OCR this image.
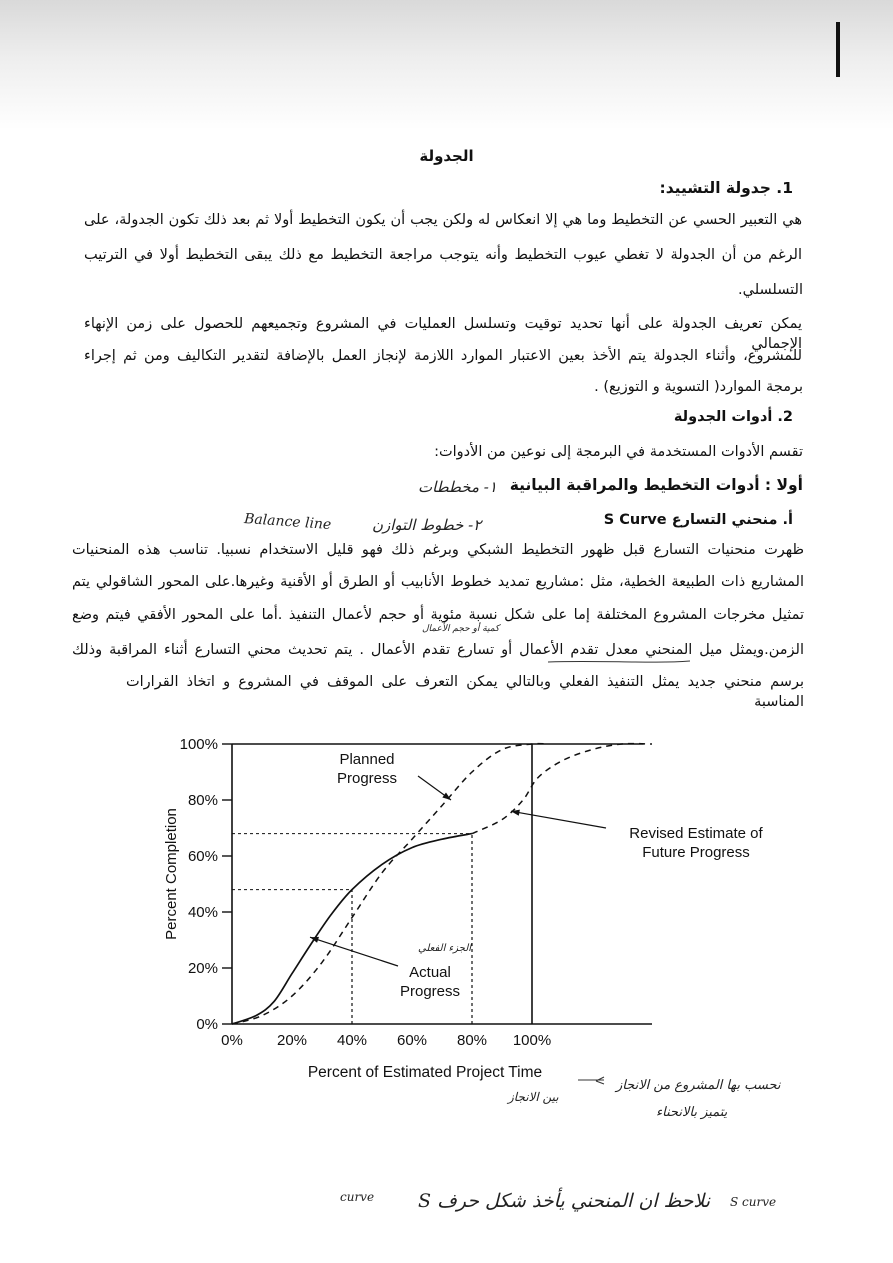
الجدولة
1. جدولة التشييد:
هي التعبير الحسي عن التخطيط وما هي إلا انعكاس له ولكن يجب أن يكون التخطيط أولا ثم بعد ذلك تكون الجدولة، على
الرغم من أن الجدولة لا تغطي عيوب التخطيط وأنه يتوجب مراجعة التخطيط مع ذلك يبقى التخطيط أولا في الترتيب
التسلسلي.
يمكن تعريف الجدولة على أنها تحديد توقيت وتسلسل العمليات في المشروع وتجميعهم للحصول على زمن الإنهاء الإجمالي
للمشروع، وأثناء الجدولة يتم الأخذ بعين الاعتبار الموارد اللازمة لإنجاز العمل بالإضافة لتقدير التكاليف ومن ثم إجراء
برمجة الموارد( التسوية و التوزيع) .
2. أدوات الجدولة
تقسم الأدوات المستخدمة في البرمجة إلى نوعين من الأدوات:
أولا : أدوات التخطيط والمراقبة البيانية
أ. منحني التسارع S Curve
ظهرت منحنيات التسارع قبل ظهور التخطيط الشبكي وبرغم ذلك فهو قليل الاستخدام نسبيا. تناسب هذه المنحنيات
المشاريع ذات الطبيعة الخطية، مثل :مشاريع تمديد خطوط الأنابيب أو الطرق أو الأقنية وغيرها.على المحور الشاقولي يتم
تمثيل مخرجات المشروع المختلفة إما على شكل نسبة مئوية أو حجم لأعمال التنفيذ .أما على المحور الأفقي فيتم وضع
الزمن.ويمثل ميل المنحني معدل تقدم الأعمال أو تسارع تقدم الأعمال . يتم تحديث محني التسارع أثناء المراقبة وذلك
برسم منحني جديد يمثل التنفيذ الفعلي وبالتالي يمكن التعرف على الموقف في المشروع و اتخاذ القرارات المناسبة
١- مخططات
٢- خطوط التوازن
Balance line
كمية أو حجم الأعمال
0%
20%
40%
60%
80%
100%
0% 20% 40% 60% 80% 100%
Planned Progress
Revised Estimate of Future Progress
Actual Progress
Percent of Estimated Project Time
Percent Completion
الجزء الفعلي
نحسب بها المشروع من الانجاز
بين الانجاز
يتميز بالانحناء
نلاحظ ان المنحني يأخذ شكل حرف S
curve	S curve
